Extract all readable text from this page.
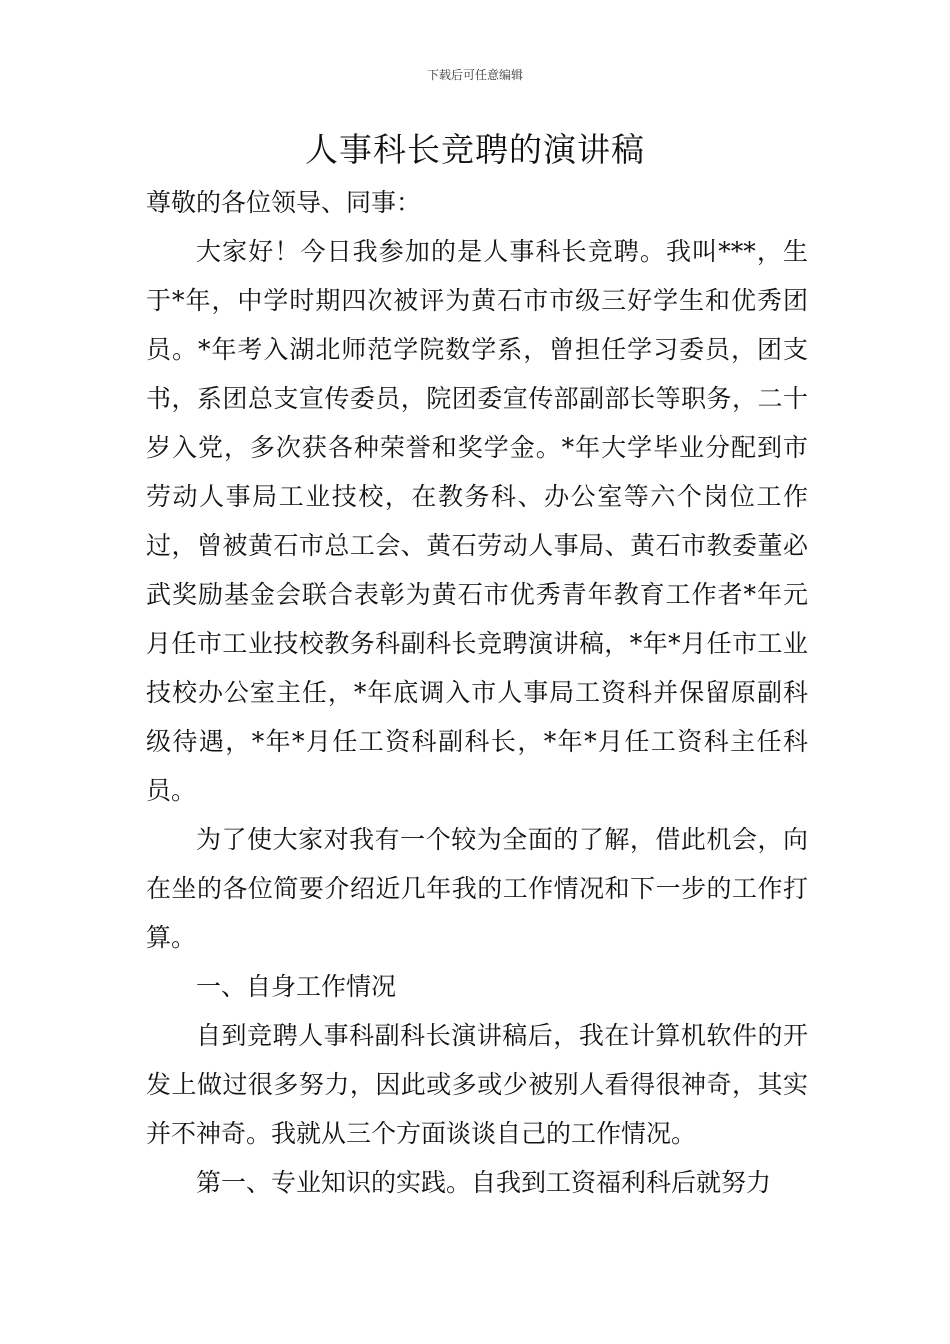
下载后可任意编辑
人事科长竞聘的演讲稿

尊敬的各位领导、同事：

大家好！今日我参加的是人事科长竞聘。我叫***，生于*年，中学时期四次被评为黄石市市级三好学生和优秀团员。*年考入湖北师范学院数学系，曾担任学习委员，团支书，系团总支宣传委员，院团委宣传部副部长等职务，二十岁入党，多次获各种荣誉和奖学金。*年大学毕业分配到市劳动人事局工业技校，在教务科、办公室等六个岗位工作过，曾被黄石市总工会、黄石劳动人事局、黄石市教委董必武奖励基金会联合表彰为黄石市优秀青年教育工作者*年元月任市工业技校教务科副科长竞聘演讲稿，*年*月任市工业技校办公室主任，*年底调入市人事局工资科并保留原副科级待遇，*年*月任工资科副科长，*年*月任工资科主任科员。

为了使大家对我有一个较为全面的了解，借此机会，向在坐的各位简要介绍近几年我的工作情况和下一步的工作打算。

一、自身工作情况

自到竞聘人事科副科长演讲稿后，我在计算机软件的开发上做过很多努力，因此或多或少被别人看得很神奇，其实并不神奇。我就从三个方面谈谈自己的工作情况。

第一、专业知识的实践。自我到工资福利科后就努力
